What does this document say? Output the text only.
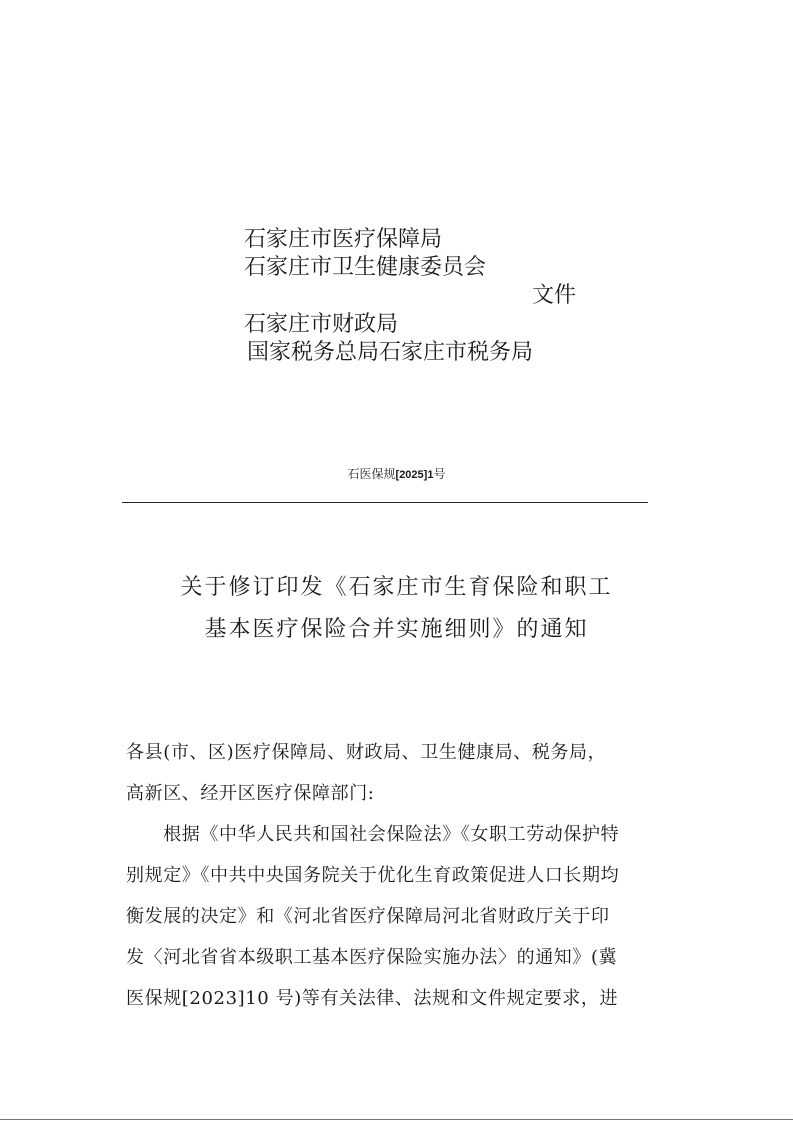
石家庄市医疗保障局
石家庄市卫生健康委员会
文件
石家庄市财政局
国家税务总局石家庄市税务局
石医保规[2025]1号
关于修订印发《石家庄市生育保险和职工
基本医疗保险合并实施细则》的通知
各县(市、区)医疗保障局、财政局、卫生健康局、税务局，
高新区、经开区医疗保障部门:
　　根据《中华人民共和国社会保险法》《女职工劳动保护特
别规定》《中共中央国务院关于优化生育政策促进人口长期均
衡发展的决定》和《河北省医疗保障局河北省财政厅关于印
发〈河北省省本级职工基本医疗保险实施办法〉的通知》(冀
医保规[2023]10 号)等有关法律、法规和文件规定要求，进
